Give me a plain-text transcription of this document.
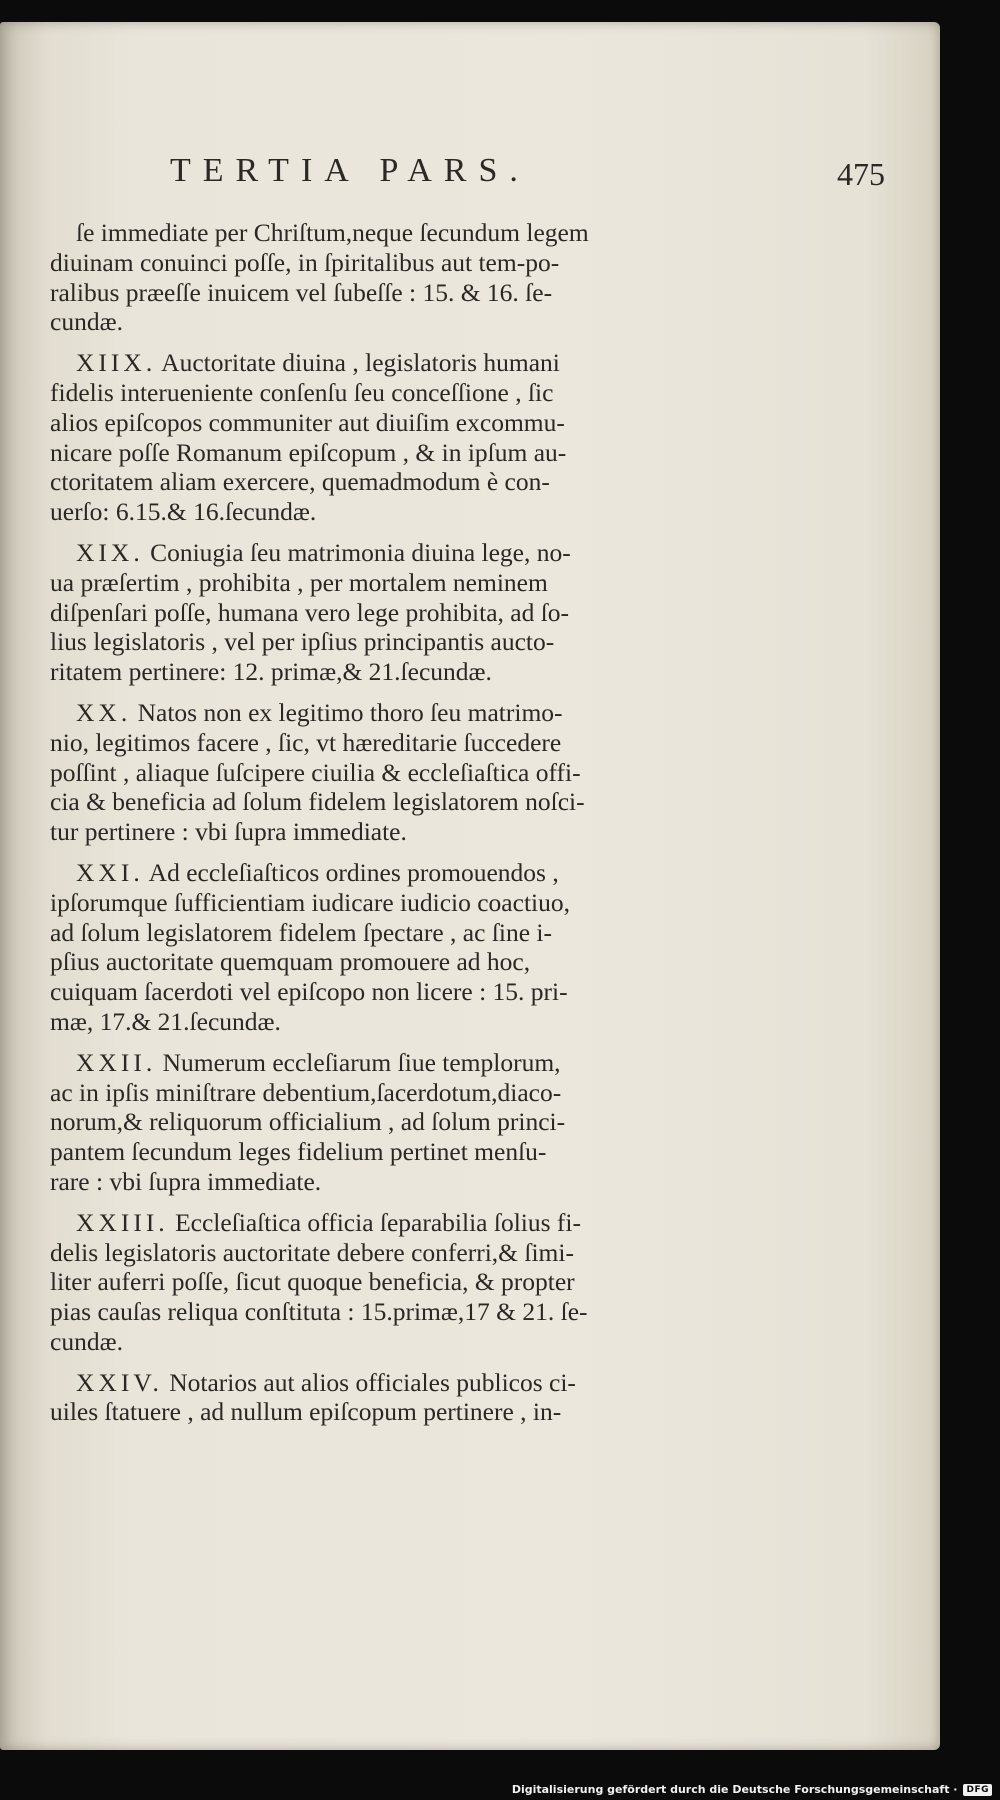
TERTIA PARS.	475

ſe immediate per Chriſtum,neque ſecundum legem
diuinam conuinci poſſe, in ſpiritalibus aut tem-po-
ralibus præeſſe inuicem vel ſubeſſe : 15. & 16. ſe-
cundæ.

XIIX. Auctoritate diuina , legislatoris humani
fidelis interueniente conſenſu ſeu conceſſione , ſic
alios epiſcopos communiter aut diuiſim excommu-
nicare poſſe Romanum epiſcopum , & in ipſum au-
ctoritatem aliam exercere, quemadmodum è con-
uerſo: 6.15.& 16.ſecundæ.

XIX. Coniugia ſeu matrimonia diuina lege, no-
ua præſertim , prohibita , per mortalem neminem
diſpenſari poſſe, humana vero lege prohibita, ad ſo-
lius legislatoris , vel per ipſius principantis aucto-
ritatem pertinere: 12. primæ,& 21.ſecundæ.

XX. Natos non ex legitimo thoro ſeu matrimo-
nio, legitimos facere , ſic, vt hæreditarie ſuccedere
poſſint , aliaque ſuſcipere ciuilia & eccleſiaſtica offi-
cia & beneficia ad ſolum fidelem legislatorem noſci-
tur pertinere : vbi ſupra immediate.

XXI. Ad eccleſiaſticos ordines promouendos ,
ipſorumque ſufficientiam iudicare iudicio coactiuo,
ad ſolum legislatorem fidelem ſpectare , ac ſine i-
pſius auctoritate quemquam promouere ad hoc,
cuiquam ſacerdoti vel epiſcopo non licere : 15. pri-
mæ, 17.& 21.ſecundæ.

XXII. Numerum eccleſiarum ſiue templorum,
ac in ipſis miniſtrare debentium,ſacerdotum,diaco-
norum,& reliquorum officialium , ad ſolum princi-
pantem ſecundum leges fidelium pertinet menſu-
rare : vbi ſupra immediate.

XXIII. Eccleſiaſtica officia ſeparabilia ſolius fi-
delis legislatoris auctoritate debere conferri,& ſimi-
liter auferri poſſe, ſicut quoque beneficia, & propter
pias cauſas reliqua conſtituta : 15.primæ,17 & 21. ſe-
cundæ.

XXIV. Notarios aut alios officiales publicos ci-
uiles ſtatuere , ad nullum epiſcopum pertinere , in-

Digitalisierung gefördert durch die Deutsche Forschungsgemeinschaft ·	DFG
